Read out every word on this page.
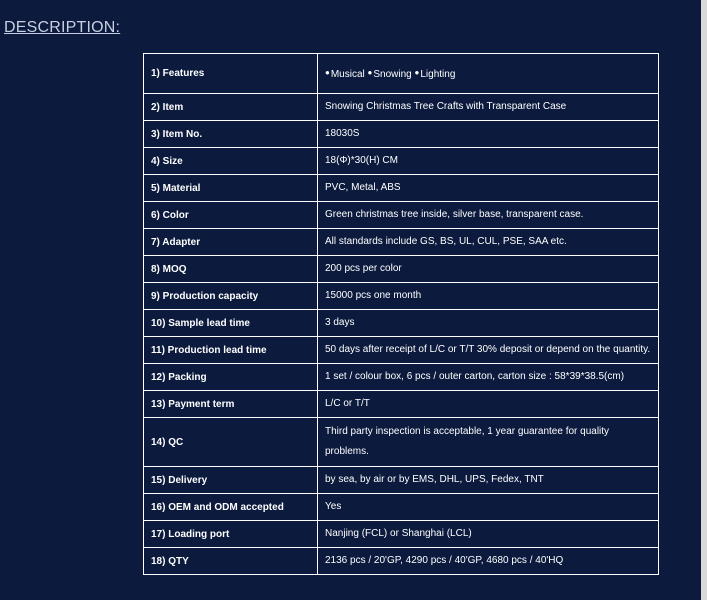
DESCRIPTION:
1) Features	●Musical ●Snowing ●Lighting
2) Item	Snowing Christmas Tree Crafts with Transparent Case
3) Item No.	18030S
4) Size	18(Φ)*30(H) CM
5) Material	PVC, Metal, ABS
6) Color	Green christmas tree inside, silver base, transparent case.
7) Adapter	All standards include GS, BS, UL, CUL, PSE, SAA etc.
8) MOQ	200 pcs per color
9) Production capacity	15000 pcs one month
10) Sample lead time	3 days
11) Production lead time	50 days after receipt of L/C or T/T 30% deposit or depend on the quantity.
12) Packing	1 set / colour box, 6 pcs / outer carton, carton size : 58*39*38.5(cm)
13) Payment term	L/C or T/T
14) QC	Third party inspection is acceptable, 1 year guarantee for quality problems.
15) Delivery	by sea, by air or by EMS, DHL, UPS, Fedex, TNT
16) OEM and ODM accepted	Yes
17) Loading port	Nanjing (FCL) or Shanghai (LCL)
18) QTY	2136 pcs / 20'GP, 4290 pcs / 40'GP, 4680 pcs / 40'HQ
